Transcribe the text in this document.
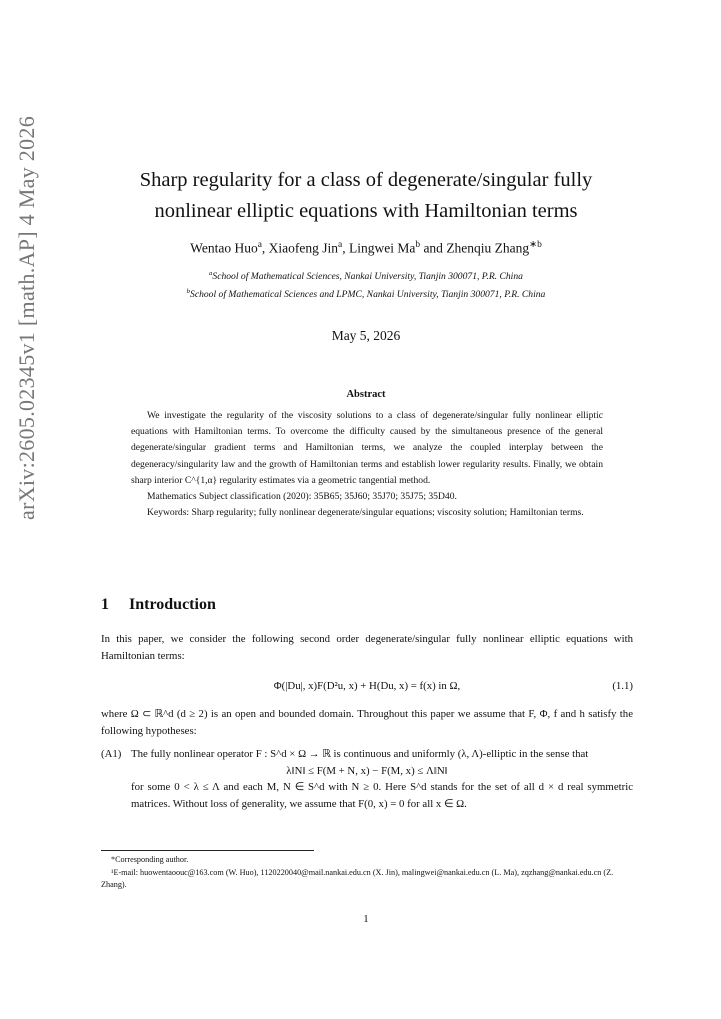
arXiv:2605.02345v1 [math.AP] 4 May 2026	Sharp regularity for a class of degenerate/singular fully
nonlinear elliptic equations with Hamiltonian terms
Wentao Huo$^a$, Xiaofeng Jin$^a$, Lingwei Ma$^b$ and Zhenqiu Zhang$^{∗b}$
$^a$School of Mathematical Sciences, Nankai University, Tianjin 300071, P.R. China
$^b$School of Mathematical Sciences and LPMC, Nankai University, Tianjin 300071, P.R. China
May 5, 2026
Abstract

We investigate the regularity of the viscosity solutions to a class of degenerate/singular fully nonlinear elliptic equations with Hamiltonian terms. To overcome the difficulty caused by the simultaneous presence of the general degenerate/singular gradient terms and Hamiltonian terms, we analyze the coupled interplay between the degeneracy/singularity law and the growth of Hamiltonian terms and establish lower regularity results. Finally, we obtain sharp interior C^{1,α} regularity estimates via a geometric tangential method.

Mathematics Subject classification (2020): 35B65; 35J60; 35J70; 35J75; 35D40.

Keywords: Sharp regularity; fully nonlinear degenerate/singular equations; viscosity solution; Hamiltonian terms.

1 Introduction
In this paper, we consider the following second order degenerate/singular fully nonlinear elliptic equations with Hamiltonian terms:
Φ(|Du|, x)F(D²u, x) + H(Du, x) = f(x) in Ω,	(1.1)
where Ω ⊂ ℝ^d (d ≥ 2) is an open and bounded domain. Throughout this paper we assume that F, Φ, f and h satisfy the following hypotheses:
(A1) The fully nonlinear operator F : S^d × Ω → ℝ is continuous and uniformly (λ, Λ)-elliptic in the sense that
λ‖N‖ ≤ F(M + N, x) − F(M, x) ≤ Λ‖N‖
for some 0 < λ ≤ Λ and each M, N ∈ S^d with N ≥ 0. Here S^d stands for the set of all d × d real symmetric matrices. Without loss of generality, we assume that F(0, x) = 0 for all x ∈ Ω.

*Corresponding author.

¹E-mail: huowentaoouc@163.com (W. Huo), 1120220040@mail.nankai.edu.cn (X. Jin), malingwei@nankai.edu.cn (L. Ma), zqzhang@nankai.edu.cn (Z. Zhang).

1
